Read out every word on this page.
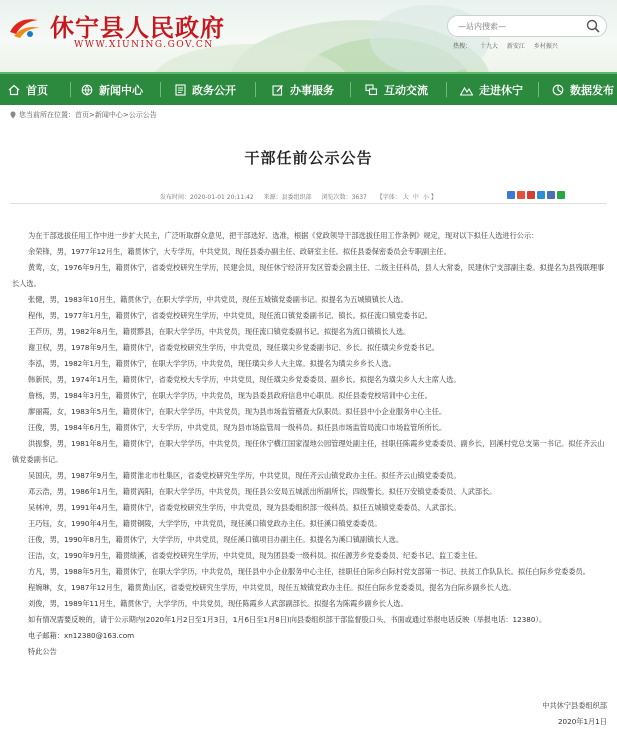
休宁县人民政府
WWW.XIUNING.GOV.CN
—站内搜索—	热搜： 十九大 新安江 乡村振兴
首页	新闻中心	政务公开	办事服务	互动交流	走进休宁	数据发布
您当前所在位置： 首页 > 新闻中心 > 公示公告
干部任前公示公告
发布时间：2020-01-01 20:11:42 来源：县委组织部 浏览次数：3637 【字体： 大 中 小 】

为在干部选拔任用工作中进一步扩大民主，广泛听取群众意见，把干部选好、选准，根据《党政领导干部选拔任用工作条例》规定，现对以下拟任人选进行公示：

余荣锋，男，1977年12月生，籍贯休宁，大专学历，中共党员，现任县委办副主任、政研室主任。拟任县委保密委员会专职副主任。

黄莺，女，1976年9月生，籍贯休宁，省委党校研究生学历，民建会员，现任休宁经济开发区管委会副主任、二级主任科员，县人大常委，民建休宁支部副主委。拟提名为县残联理事长人选。

张健，男，1983年10月生，籍贯休宁，在职大学学历，中共党员，现任五城镇党委副书记。拟提名为五城镇镇长人选。

程伟，男，1977年1月生，籍贯休宁，省委党校研究生学历，中共党员，现任流口镇党委副书记、镇长。拟任流口镇党委书记。

王芦历，男，1982年8月生，籍贯黟县，在职大学学历，中共党员，现任流口镇党委副书记。拟提名为流口镇镇长人选。

谢卫权，男，1978年9月生，籍贯休宁，省委党校研究生学历，中共党员，现任璜尖乡党委副书记、乡长。拟任璜尖乡党委书记。

李泓，男，1982年1月生，籍贯休宁，在职大学学历，中共党员，现任璜尖乡人大主席。拟提名为璜尖乡乡长人选。

韩新民，男，1974年1月生，籍贯休宁，省委党校大专学历，中共党员，现任璜尖乡党委委员、副乡长。拟提名为璜尖乡人大主席人选。

詹杨，男，1984年3月生，籍贯休宁，在职大学学历，中共党员，现为县委县政府信息中心职员。拟任县委党校培训中心主任。

廖丽霞，女，1983年5月生，籍贯休宁，在职大学学历，中共党员，现为县市场监管稽查大队职员。拟任县中小企业服务中心主任。

汪俊，男，1984年6月生，籍贯休宁，大专学历，中共党员，现为县市场监管局一级科员。拟任县市场监管局流口市场监管所所长。

洪振黎，男，1981年8月生，籍贯休宁，在职大学学历，中共党员，现任休宁横江国家湿地公园管理处副主任，挂职任陈霞乡党委委员、副乡长，回溪村党总支第一书记。拟任齐云山镇党委副书记。

吴国庆，男，1987年9月生，籍贯淮北市杜集区，省委党校研究生学历，中共党员，现任齐云山镇党政办主任。拟任齐云山镇党委委员。

邓云浩，男，1986年1月生，籍贯涡阳，在职大学学历，中共党员，现任县公安局五城派出所副所长，四级警长。拟任万安镇党委委员、人武部长。

吴林冲，男，1991年4月生，籍贯休宁，省委党校研究生学历，中共党员，现为县委组织部一级科员。拟任五城镇党委委员、人武部长。

王巧钰，女，1990年4月生，籍贯铜陵，大学学历，中共党员，现任溪口镇党政办主任。拟任溪口镇党委委员。

汪俊，男，1990年8月生，籍贯休宁，大学学历，中共党员，现任溪口镇项目办副主任。拟提名为溪口镇副镇长人选。

汪洁，女，1990年9月生，籍贯绩溪，省委党校研究生学历，中共党员，现为团县委一级科员。拟任源芳乡党委委员、纪委书记、监工委主任。

方凡，男，1988年5月生，籍贯休宁，在职大学学历，中共党员，现任县中小企业服务中心主任，挂职任白际乡白际村党支部第一书记、扶贫工作队队长。拟任白际乡党委委员。

程婉琳，女，1987年12月生，籍贯黄山区，省委党校研究生学历，中共党员，现任五城镇党政办主任。拟任白际乡党委委员，提名为白际乡副乡长人选。

刘俊，男，1989年11月生，籍贯休宁，大学学历，中共党员，现任陈霞乡人武部副部长。拟提名为陈霞乡副乡长人选。

如有情况需要反映的，请于公示期内(2020年1月2日至1月3日，1月6日至1月8日)向县委组织部干部监督股口头、书面或通过举报电话反映（举报电话：12380）。

电子邮箱：xn12380@163.com

特此公告

中共休宁县委组织部
2020年1月1日
